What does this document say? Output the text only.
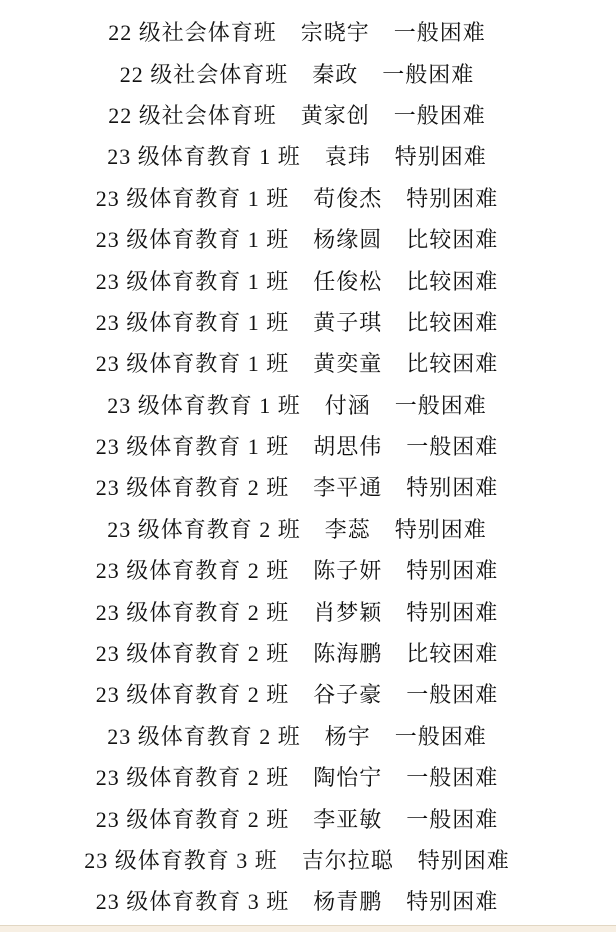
22 级社会体育班 宗晓宇 一般困难
22 级社会体育班 秦政 一般困难
22 级社会体育班 黄家创 一般困难
23 级体育教育 1 班 袁玮 特别困难
23 级体育教育 1 班 苟俊杰 特别困难
23 级体育教育 1 班 杨缘圆 比较困难
23 级体育教育 1 班 任俊松 比较困难
23 级体育教育 1 班 黄子琪 比较困难
23 级体育教育 1 班 黄奕童 比较困难
23 级体育教育 1 班 付涵 一般困难
23 级体育教育 1 班 胡思伟 一般困难
23 级体育教育 2 班 李平通 特别困难
23 级体育教育 2 班 李蕊 特别困难
23 级体育教育 2 班 陈子妍 特别困难
23 级体育教育 2 班 肖梦颖 特别困难
23 级体育教育 2 班 陈海鹏 比较困难
23 级体育教育 2 班 谷子豪 一般困难
23 级体育教育 2 班 杨宇 一般困难
23 级体育教育 2 班 陶怡宁 一般困难
23 级体育教育 2 班 李亚敏 一般困难
23 级体育教育 3 班 吉尔拉聪 特别困难
23 级体育教育 3 班 杨青鹏 特别困难
